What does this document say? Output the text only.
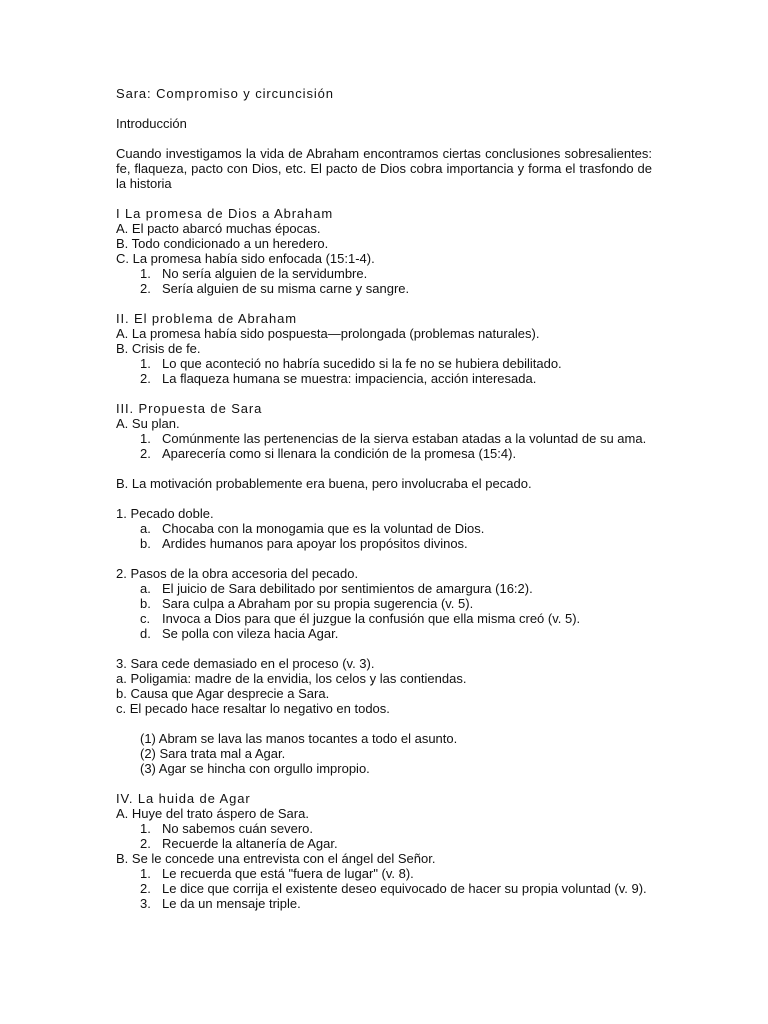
Sara: Compromiso y circuncisión
Introducción
Cuando investigamos la vida de Abraham encontramos ciertas conclusiones sobresalientes: fe, flaqueza, pacto con Dios, etc. El pacto de Dios cobra importancia y forma el trasfondo de la historia
I La promesa de Dios a Abraham
A. El pacto abarcó muchas épocas.
B. Todo condicionado a un heredero.
C. La promesa había sido enfocada (15:1-4).
1. No sería alguien de la servidumbre.
2. Sería alguien de su misma carne y sangre.
II. El problema de Abraham
A. La promesa había sido pospuesta—prolongada (problemas naturales).
B. Crisis de fe.
1. Lo que aconteció no habría sucedido si la fe no se hubiera debilitado.
2. La flaqueza humana se muestra: impaciencia, acción interesada.
III. Propuesta de Sara
A. Su plan.
1. Comúnmente las pertenencias de la sierva estaban atadas a la voluntad de su ama.
2. Aparecería como si llenara la condición de la promesa (15:4).
B. La motivación probablemente era buena, pero involucraba el pecado.
1. Pecado doble.
a. Chocaba con la monogamia que es la voluntad de Dios.
b. Ardides humanos para apoyar los propósitos divinos.
2. Pasos de la obra accesoria del pecado.
a. El juicio de Sara debilitado por sentimientos de amargura (16:2).
b. Sara culpa a Abraham por su propia sugerencia (v. 5).
c. Invoca a Dios para que él juzgue la confusión que ella misma creó (v. 5).
d. Se polla con vileza hacia Agar.
3. Sara cede demasiado en el proceso (v. 3).
a. Poligamia: madre de la envidia, los celos y las contiendas.
b. Causa que Agar desprecie a Sara.
c. El pecado hace resaltar lo negativo en todos.
(1) Abram se lava las manos tocantes a todo el asunto.
(2) Sara trata mal a Agar.
(3) Agar se hincha con orgullo impropio.
IV. La huida de Agar
A. Huye del trato áspero de Sara.
1. No sabemos cuán severo.
2. Recuerde la altanería de Agar.
B. Se le concede una entrevista con el ángel del Señor.
1. Le recuerda que está "fuera de lugar" (v. 8).
2. Le dice que corrija el existente deseo equivocado de hacer su propia voluntad (v. 9).
3. Le da un mensaje triple.
